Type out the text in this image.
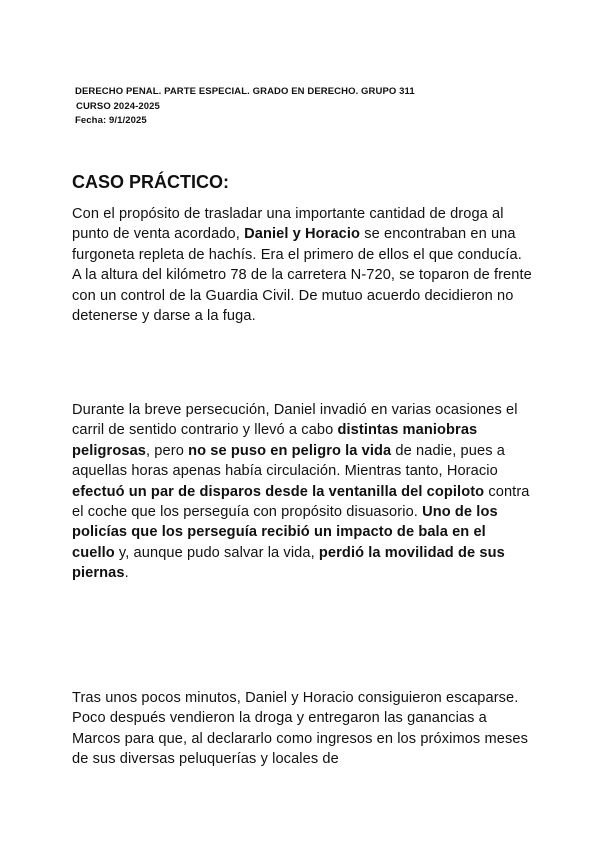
DERECHO PENAL. PARTE ESPECIAL. GRADO EN DERECHO. GRUPO 311
CURSO 2024-2025
Fecha: 9/1/2025
CASO PRÁCTICO:

Con el propósito de trasladar una importante cantidad de droga al punto de venta acordado, Daniel y Horacio se encontraban en una furgoneta repleta de hachís. Era el primero de ellos el que conducía. A la altura del kilómetro 78 de la carretera N-720, se toparon de frente con un control de la Guardia Civil. De mutuo acuerdo decidieron no detenerse y darse a la fuga.

Durante la breve persecución, Daniel invadió en varias ocasiones el carril de sentido contrario y llevó a cabo distintas maniobras peligrosas, pero no se puso en peligro la vida de nadie, pues a aquellas horas apenas había circulación. Mientras tanto, Horacio efectuó un par de disparos desde la ventanilla del copiloto contra el coche que los perseguía con propósito disuasorio. Uno de los policías que los perseguía recibió un impacto de bala en el cuello y, aunque pudo salvar la vida, perdió la movilidad de sus piernas.

Tras unos pocos minutos, Daniel y Horacio consiguieron escaparse. Poco después vendieron la droga y entregaron las ganancias a Marcos para que, al declararlo como ingresos en los próximos meses de sus diversas peluquerías y locales de
